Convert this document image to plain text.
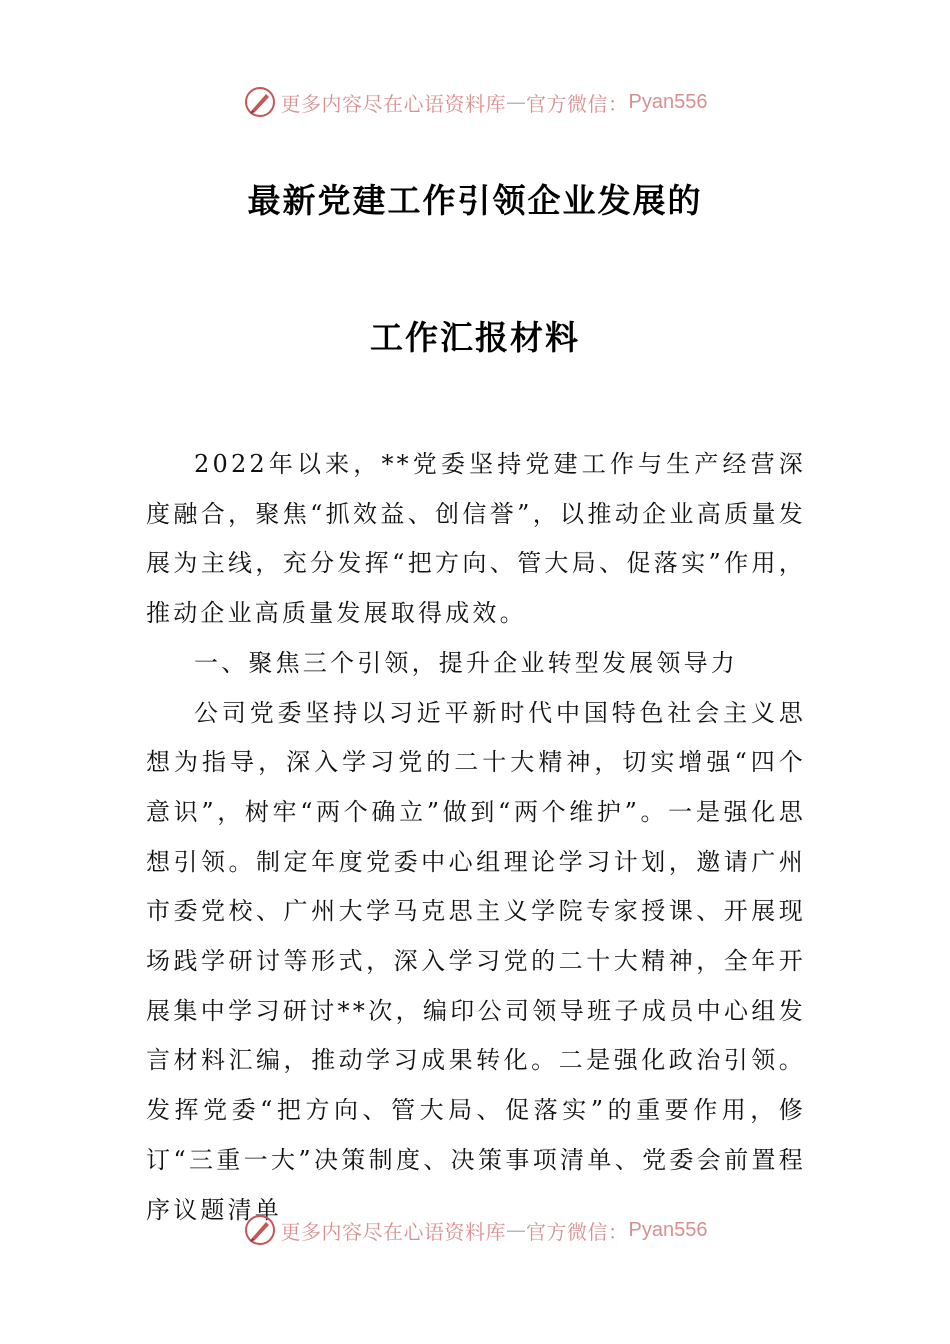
更多内容尽在心语资料库 — 官方微信： Pyan556
最新党建工作引领企业发展的
工作汇报材料

2022年以来，**党委坚持党建工作与生产经营深度融合，聚焦“抓效益、创信誉”，以推动企业高质量发展为主线，充分发挥“把方向、管大局、促落实”作用，推动企业高质量发展取得成效。

一、聚焦三个引领，提升企业转型发展领导力

公司党委坚持以习近平新时代中国特色社会主义思想为指导，深入学习党的二十大精神，切实增强“四个意识”，树牢“两个确立”做到“两个维护”。一是强化思想引领。制定年度党委中心组理论学习计划，邀请广州市委党校、广州大学马克思主义学院专家授课、开展现场践学研讨等形式，深入学习党的二十大精神，全年开展集中学习研讨**次，编印公司领导班子成员中心组发言材料汇编，推动学习成果转化。二是强化政治引领。发挥党委“把方向、管大局、促落实”的重要作用，修订“三重一大”决策制度、决策事项清单、党委会前置程序议题清单

更多内容尽在心语资料库 — 官方微信： Pyan556
